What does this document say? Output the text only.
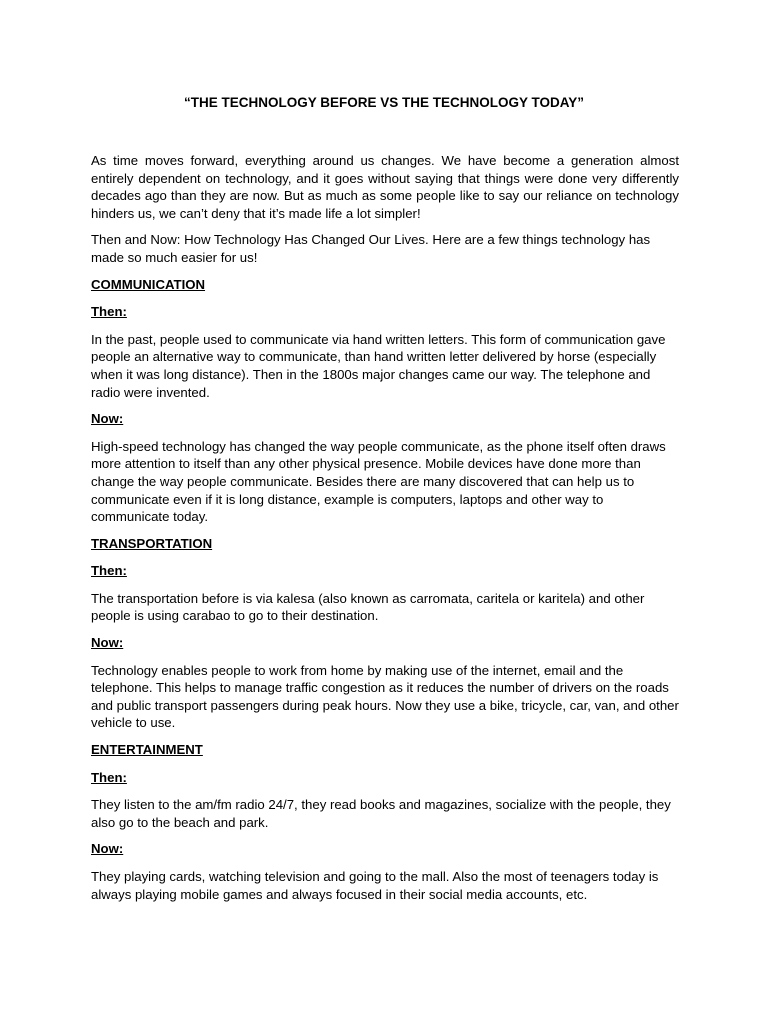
“THE TECHNOLOGY BEFORE VS THE TECHNOLOGY TODAY”

As time moves forward, everything around us changes. We have become a generation almost entirely dependent on technology, and it goes without saying that things were done very differently decades ago than they are now. But as much as some people like to say our reliance on technology hinders us, we can’t deny that it’s made life a lot simpler!

Then and Now: How Technology Has Changed Our Lives. Here are a few things technology has made so much easier for us!

COMMUNICATION

Then:

In the past, people used to communicate via hand written letters. This form of communication gave people an alternative way to communicate, than hand written letter delivered by horse (especially when it was long distance). Then in the 1800s major changes came our way. The telephone and radio were invented.

Now:

High-speed technology has changed the way people communicate, as the phone itself often draws more attention to itself than any other physical presence. Mobile devices have done more than change the way people communicate. Besides there are many discovered that can help us to communicate even if it is long distance, example is computers, laptops and other way to communicate today.

TRANSPORTATION

Then:

The transportation before is via kalesa (also known as carromata, caritela or karitela) and other people is using carabao to go to their destination.

Now:

Technology enables people to work from home by making use of the internet, email and the telephone. This helps to manage traffic congestion as it reduces the number of drivers on the roads and public transport passengers during peak hours. Now they use a bike, tricycle, car, van, and other vehicle to use.

ENTERTAINMENT

Then:

They listen to the am/fm radio 24/7, they read books and magazines, socialize with the people, they also go to the beach and park.

Now:

They playing cards, watching television and going to the mall. Also the most of teenagers today is always playing mobile games and always focused in their social media accounts, etc.
